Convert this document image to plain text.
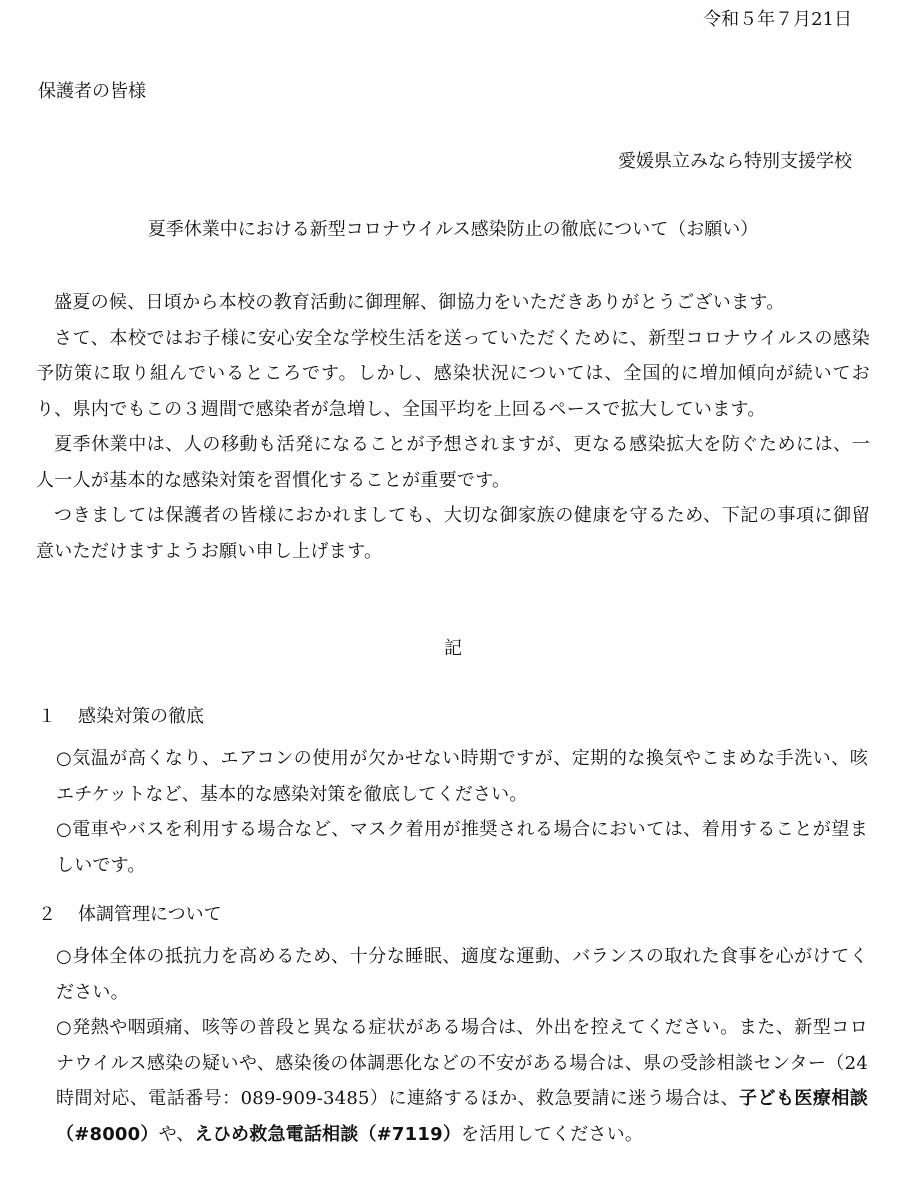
令和５年７月21日
保護者の皆様
愛媛県立みなら特別支援学校
夏季休業中における新型コロナウイルス感染防止の徹底について（お願い）

盛夏の候、日頃から本校の教育活動に御理解、御協力をいただきありがとうございます。

さて、本校ではお子様に安心安全な学校生活を送っていただくために、新型コロナウイルスの感染予防策に取り組んでいるところです。しかし、感染状況については、全国的に増加傾向が続いており、県内でもこの３週間で感染者が急増し、全国平均を上回るペースで拡大しています。

夏季休業中は、人の移動も活発になることが予想されますが、更なる感染拡大を防ぐためには、一人一人が基本的な感染対策を習慣化することが重要です。

つきましては保護者の皆様におかれましても、大切な御家族の健康を守るため、下記の事項に御留意いただけますようお願い申し上げます。

記
１ 感染対策の徹底

○気温が高くなり、エアコンの使用が欠かせない時期ですが、定期的な換気やこまめな手洗い、咳エチケットなど、基本的な感染対策を徹底してください。

○電車やバスを利用する場合など、マスク着用が推奨される場合においては、着用することが望ましいです。

２ 体調管理について

○身体全体の抵抗力を高めるため、十分な睡眠、適度な運動、バランスの取れた食事を心がけてください。

○発熱や咽頭痛、咳等の普段と異なる症状がある場合は、外出を控えてください。また、新型コロナウイルス感染の疑いや、感染後の体調悪化などの不安がある場合は、県の受診相談センター（24時間対応、電話番号：089-909-3485）に連絡するほか、救急要請に迷う場合は、子ども医療相談（#8000）や、えひめ救急電話相談（#7119）を活用してください。
